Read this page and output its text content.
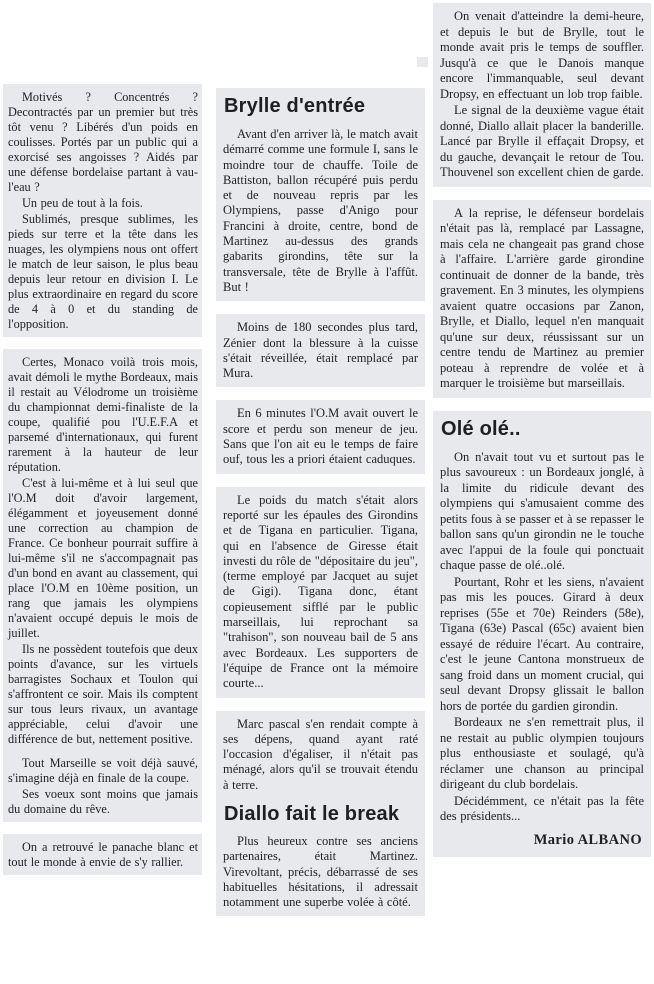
Motivés ? Concentrés ? Decontractés par un premier but très tôt venu ? Libérés d'un poids en coulisses. Portés par un public qui a exorcisé ses angoisses ? Aidés par une défense bordelaise partant à vau-l'eau ?

Un peu de tout à la fois.

Sublimés, presque sublimes, les pieds sur terre et la tête dans les nuages, les olympiens nous ont offert le match de leur saison, le plus beau depuis leur retour en division I. Le plus extraordinaire en regard du score de 4 à 0 et du standing de l'opposition.

Certes, Monaco voilà trois mois, avait démoli le mythe Bordeaux, mais il restait au Vélodrome un troisième du championnat demi-finaliste de la coupe, qualifié pou l'U.E.F.A et parsemé d'internationaux, qui furent rarement à la hauteur de leur réputation.

C'est à lui-même et à lui seul que l'O.M doit d'avoir largement, élégamment et joyeusement donné une correction au champion de France. Ce bonheur pourrait suffire à lui-même s'il ne s'accompagnait pas d'un bond en avant au classement, qui place l'O.M en 10ème position, un rang que jamais les olympiens n'avaient occupé depuis le mois de juillet.

Ils ne possèdent toutefois que deux points d'avance, sur les virtuels barragistes Sochaux et Toulon qui s'affrontent ce soir. Mais ils comptent sur tous leurs rivaux, un avantage appréciable, celui d'avoir une différence de but, nettement positive.

Tout Marseille se voit déjà sauvé, s'imagine déjà en finale de la coupe.

Ses voeux sont moins que jamais du domaine du rêve.

On a retrouvé le panache blanc et tout le monde à envie de s'y rallier.

Brylle d'entrée

Avant d'en arriver là, le match avait démarré comme une formule I, sans le moindre tour de chauffe. Toile de Battiston, ballon récupéré puis perdu et de nouveau repris par les Olympiens, passe d'Anigo pour Francini à droite, centre, bond de Martinez au-dessus des grands gabarits girondins, tête sur la transversale, tête de Brylle à l'affût. But !

Moins de 180 secondes plus tard, Zénier dont la blessure à la cuisse s'était réveillée, était remplacé par Mura.

En 6 minutes l'O.M avait ouvert le score et perdu son meneur de jeu. Sans que l'on ait eu le temps de faire ouf, tous les a priori étaient caduques.

Le poids du match s'était alors reporté sur les épaules des Girondins et de Tigana en particulier. Tigana, qui en l'absence de Giresse était investi du rôle de "dépositaire du jeu", (terme employé par Jacquet au sujet de Gigi). Tigana donc, étant copieusement sifflé par le public marseillais, lui reprochant sa "trahison", son nouveau bail de 5 ans avec Bordeaux. Les supporters de l'équipe de France ont la mémoire courte...

Marc pascal s'en rendait compte à ses dépens, quand ayant raté l'occasion d'égaliser, il n'était pas ménagé, alors qu'il se trouvait étendu à terre.

Diallo fait le break

Plus heureux contre ses anciens partenaires, était Martinez. Virevoltant, précis, débarrassé de ses habituelles hésitations, il adressait notamment une superbe volée à côté.

On venait d'atteindre la demi-heure, et depuis le but de Brylle, tout le monde avait pris le temps de souffler. Jusqu'à ce que le Danois manque encore l'immanquable, seul devant Dropsy, en effectuant un lob trop faible.

Le signal de la deuxième vague était donné, Diallo allait placer la banderille. Lancé par Brylle il effaçait Dropsy, et du gauche, devançait le retour de Tou. Thouvenel son excellent chien de garde.

A la reprise, le défenseur bordelais n'était pas là, remplacé par Lassagne, mais cela ne changeait pas grand chose à l'affaire. L'arrière garde girondine continuait de donner de la bande, très gravement. En 3 minutes, les olympiens avaient quatre occasions par Zanon, Brylle, et Diallo, lequel n'en manquait qu'une sur deux, réussissant sur un centre tendu de Martinez au premier poteau à reprendre de volée et à marquer le troisième but marseillais.

Olé olé..

On n'avait tout vu et surtout pas le plus savoureux : un Bordeaux jonglé, à la limite du ridicule devant des olympiens qui s'amusaient comme des petits fous à se passer et à se repasser le ballon sans qu'un girondin ne le touche avec l'appui de la foule qui ponctuait chaque passe de olé..olé.

Pourtant, Rohr et les siens, n'avaient pas mis les pouces. Girard à deux reprises (55e et 70e) Reinders (58e), Tigana (63e) Pascal (65c) avaient bien essayé de réduire l'écart. Au contraire, c'est le jeune Cantona monstrueux de sang froid dans un moment crucial, qui seul devant Dropsy glissait le ballon hors de portée du gardien girondin.

Bordeaux ne s'en remettrait plus, il ne restait au public olympien toujours plus enthousiaste et soulagé, qu'à réclamer une chanson au principal dirigeant du club bordelais.

Décidémment, ce n'était pas la fête des présidents...

Mario ALBANO
